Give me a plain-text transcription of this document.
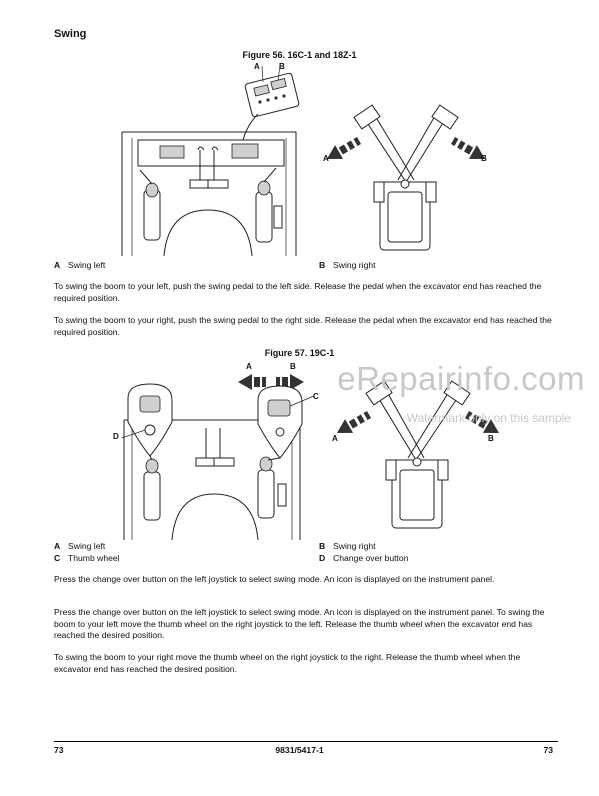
Swing
Figure 56. 16C-1 and 18Z-1
A B
A	B
A Swing left	B Swing right
To swing the boom to your left, push the swing pedal to the left side. Release the pedal when the excavator end has reached the required position.
To swing the boom to your right, push the swing pedal to the right side. Release the pedal when the excavator end has reached the required position.
Figure 57. 19C-1
A	B
C
D	A	B
eRepairinfo.com
Watermark only on this sample
A Swing left	B Swing right
C Thumb wheel	D Change over button
Press the change over button on the left joystick to select swing mode. An icon is displayed on the instrument panel.
Press the change over button on the left joystick to select swing mode. An icon is displayed on the instrument panel. To swing the boom to your left move the thumb wheel on the right joystick to the left. Release the thumb wheel when the excavator end has reached the desired position.
To swing the boom to your right move the thumb wheel on the right joystick to the right. Release the thumb wheel when the excavator end has reached the desired position.
73	9831/5417-1	73
